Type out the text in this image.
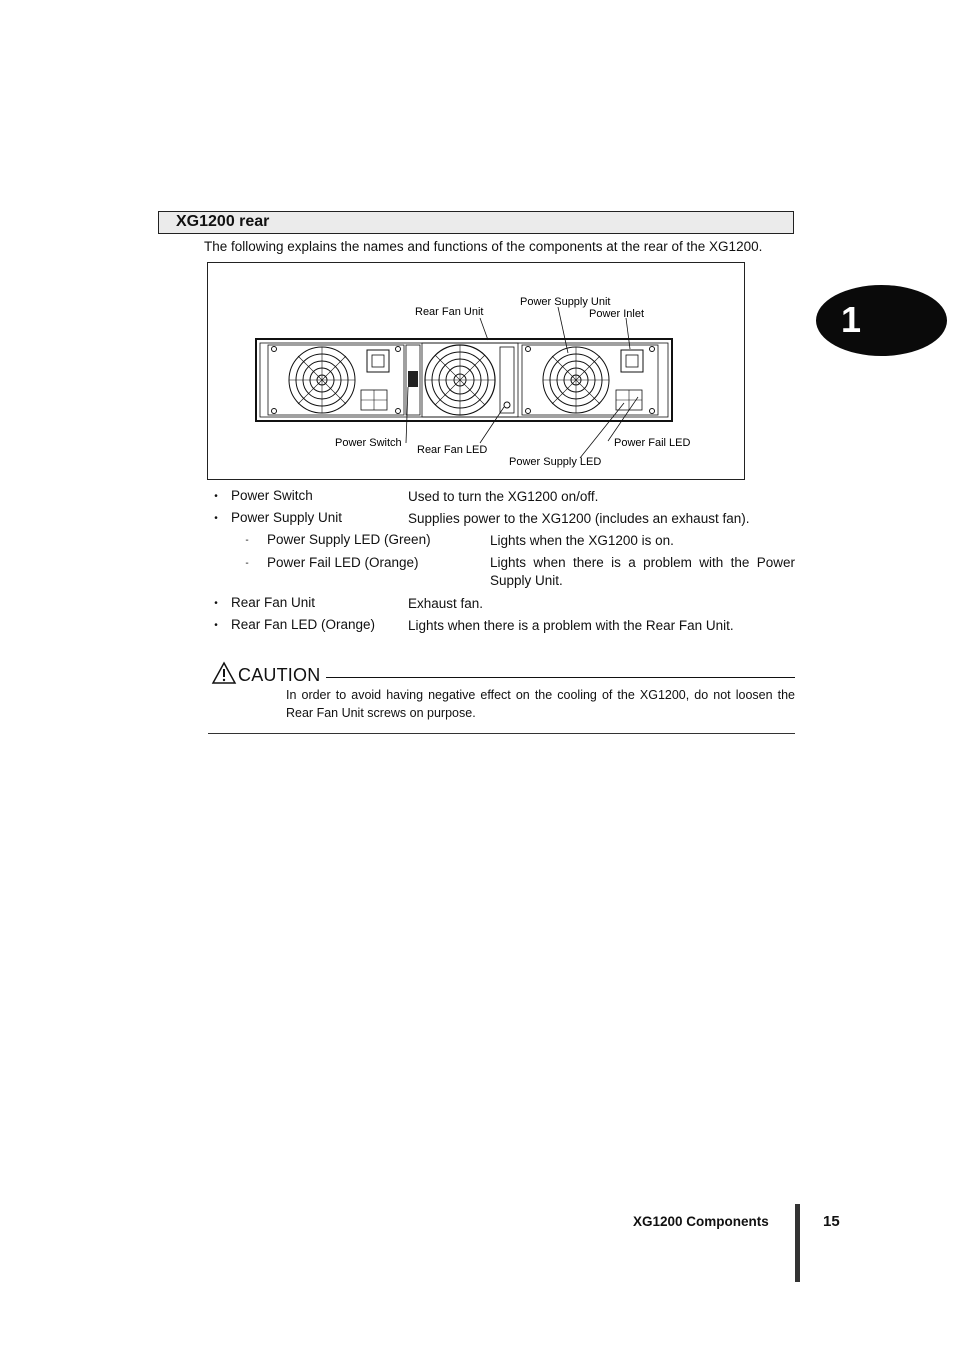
XG1200 rear
The following explains the names and functions of the components at the rear of the XG1200.
Rear Fan Unit
Power Supply Unit
Power Inlet
Power Switch
Rear Fan LED
Power Supply LED
Power Fail LED
• Power Switch	Used to turn the XG1200 on/off.
• Power Supply Unit	Supplies power to the XG1200 (includes an exhaust fan).
-	Power Supply LED (Green)	Lights when the XG1200 is on.
-	Power Fail LED (Orange)	Lights when there is a problem with the Power Supply Unit.
• Rear Fan Unit	Exhaust fan.
• Rear Fan LED (Orange) Lights when there is a problem with the Rear Fan Unit.
CAUTION
In order to avoid having negative effect on the cooling of the XG1200, do not loosen the Rear Fan Unit screws on purpose.
1
XG1200 Components	15
